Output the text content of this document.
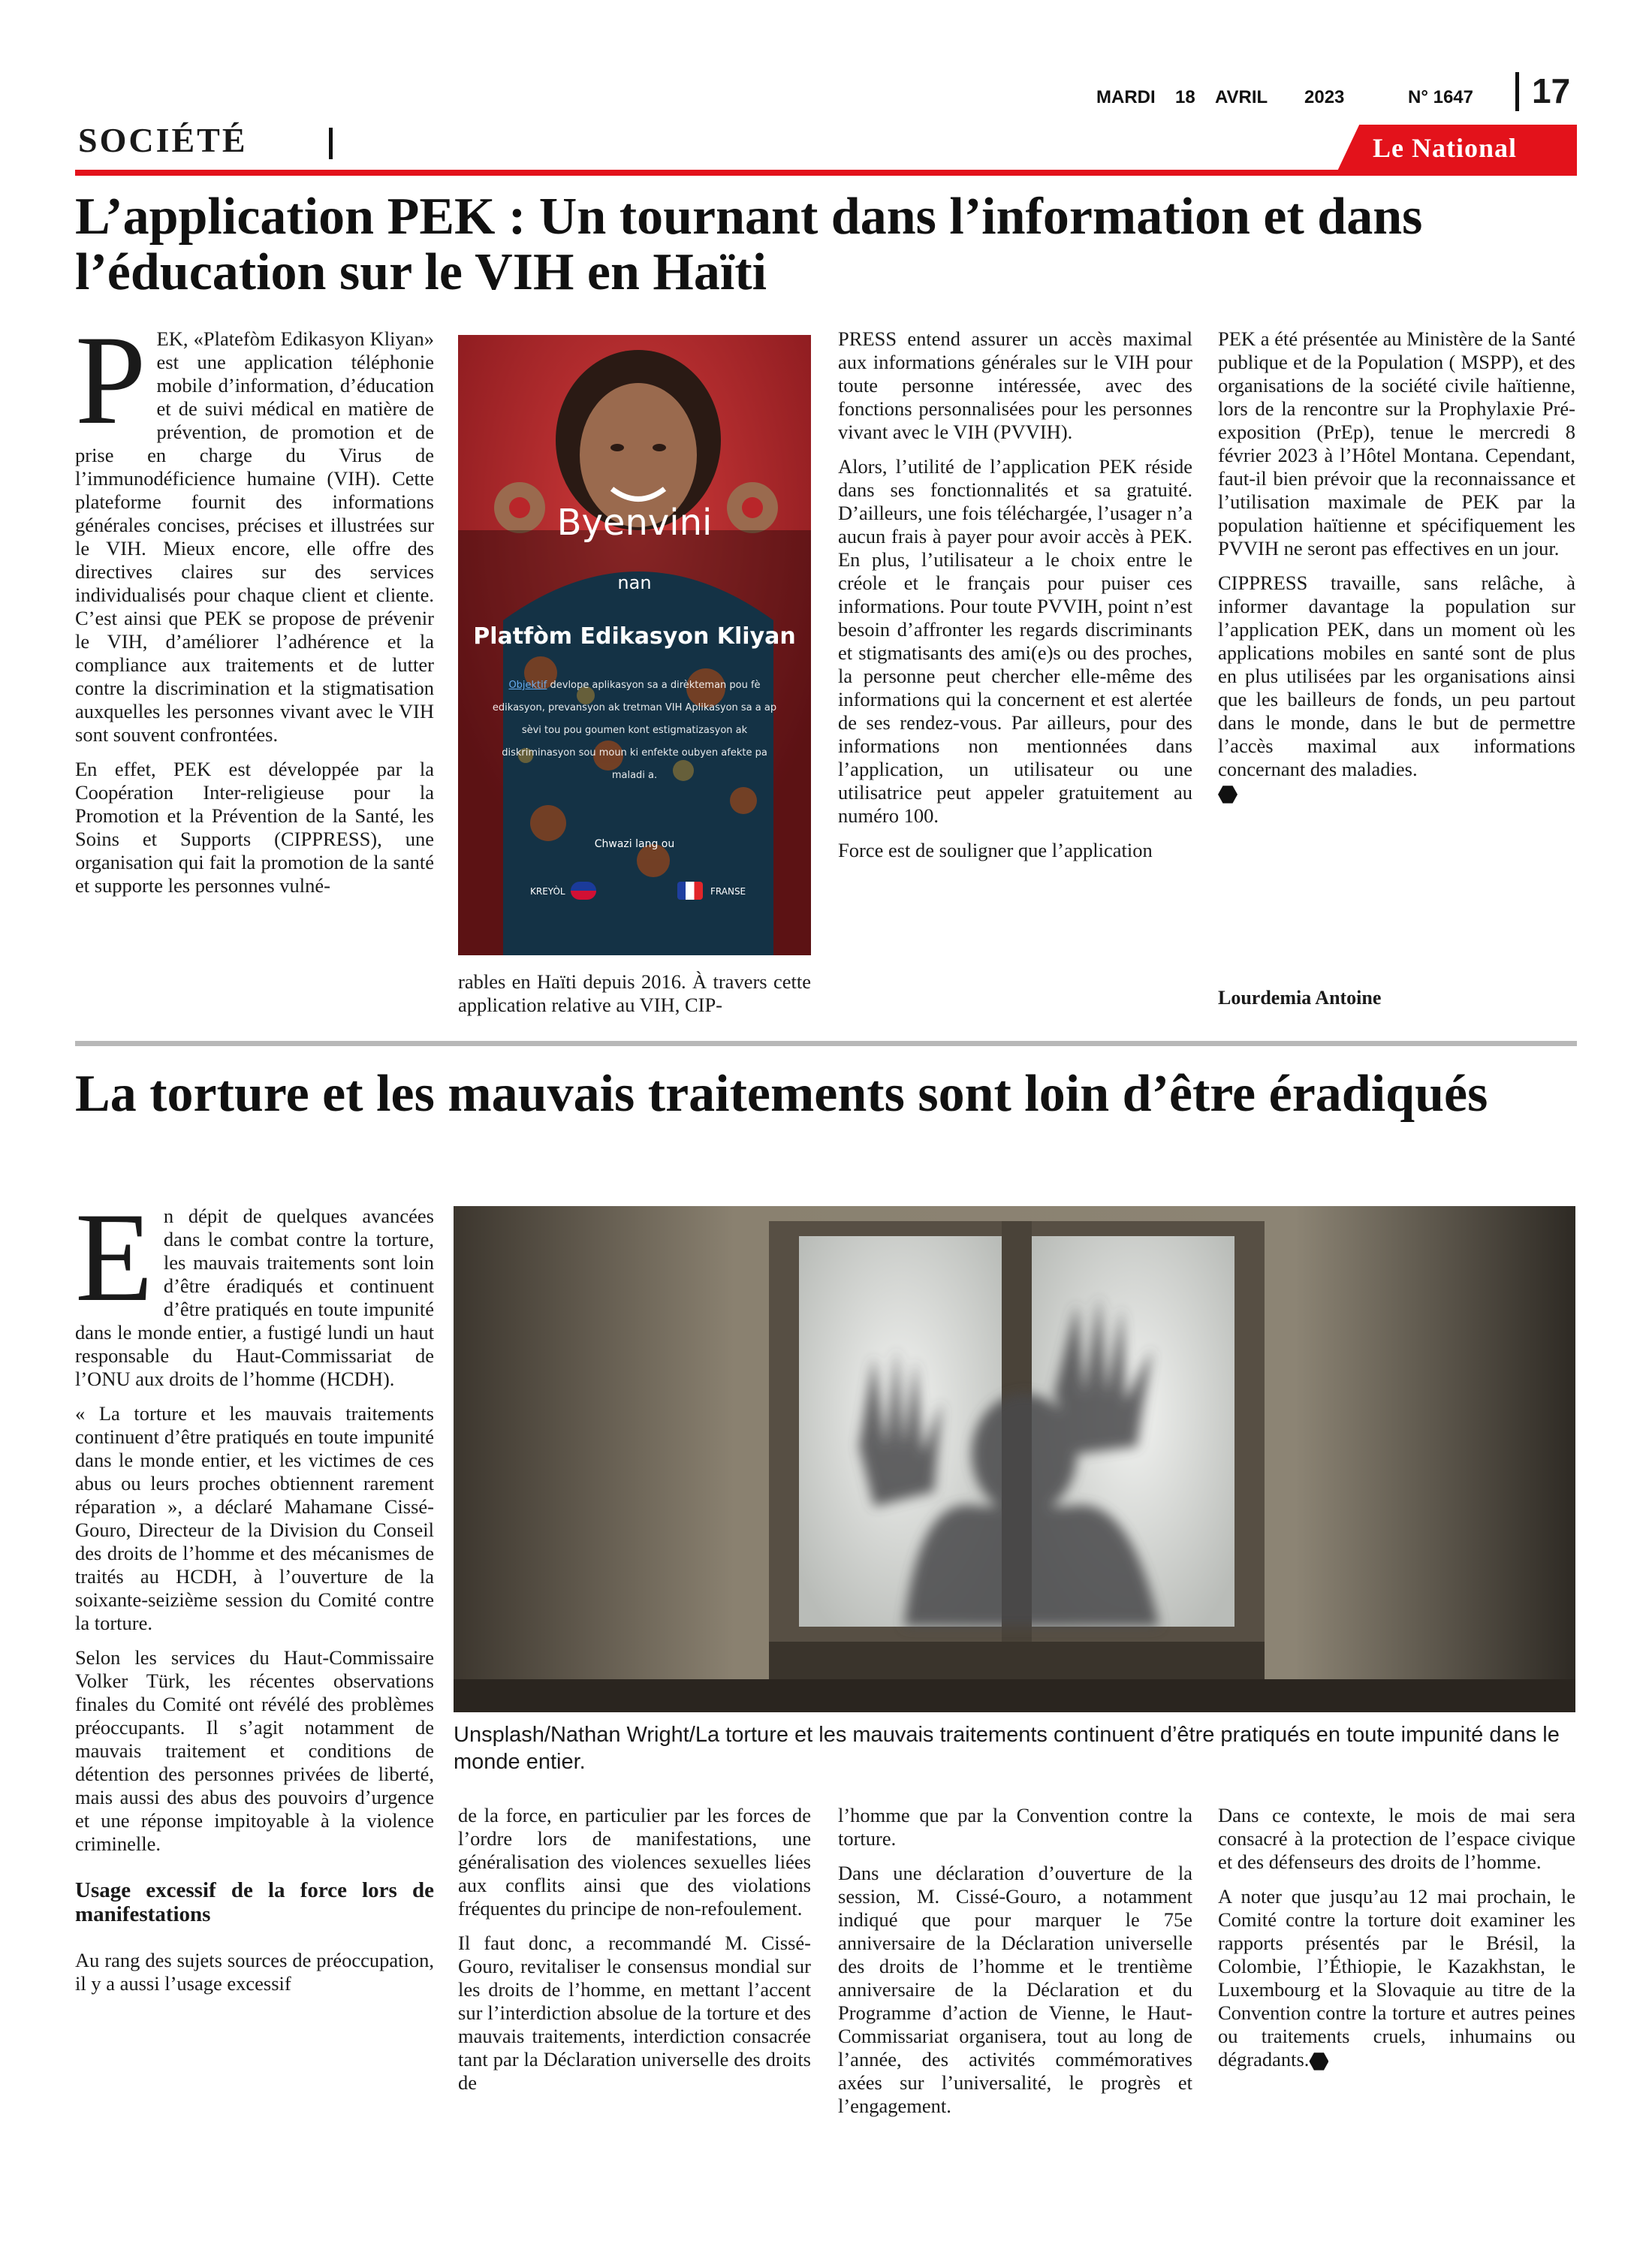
MARDI 18 AVRIL 2023	N° 1647 17
SOCIÉTÉ	Le National
L’application PEK : Un tournant dans l’information et dans l’éducation sur le VIH en Haïti

PEK, «Platefòm Edikasyon Kliyan» est une application téléphonie mobile d’information, d’éducation et de suivi médical en matière de prévention, de promotion et de prise en charge du Virus de l’immunodéficience humaine (VIH). Cette plateforme fournit des informations générales concises, précises et illustrées sur le VIH. Mieux encore, elle offre des directives claires sur des services individualisés pour chaque client et cliente. C’est ainsi que PEK se propose de prévenir le VIH, d’améliorer l’adhérence et la compliance aux traitements et de lutter contre la discrimination et la stigmatisation auxquelles les personnes vivant avec le VIH sont souvent confrontées.

En effet, PEK est développée par la Coopération Inter-religieuse pour la Promotion et la Prévention de la Santé, les Soins et Supports (CIPPRESS), une organisation qui fait la promotion de la santé et supporte les personnes vulné-

Byenvini
nan
Platfòm Edikasyon Kliyan
Objektif devlope aplikasyon sa a dirèkteman pou fè edikasyon, prevansyon ak tretman VIH Aplikasyon sa a ap sèvi tou pou goumen kont estigmatizasyon ak diskriminasyon sou moun ki enfekte oubyen afekte pa maladi a.
Chwazi lang ou
KREYÒL	FRANSE

rables en Haïti depuis 2016. À travers cette application relative au VIH, CIP-

PRESS entend assurer un accès maximal aux informations générales sur le VIH pour toute personne intéressée, avec des fonctions personnalisées pour les personnes vivant avec le VIH (PVVIH).

Alors, l’utilité de l’application PEK réside dans ses fonctionnalités et sa gratuité. D’ailleurs, une fois téléchargée, l’usager n’a aucun frais à payer pour avoir accès à PEK. En plus, l’utilisateur a le choix entre le créole et le français pour puiser ces informations. Pour toute PVVIH, point n’est besoin d’affronter les regards discriminants et stigmatisants des ami(e)s ou des proches, la personne peut chercher elle-même des informations qui la concernent et est alertée de ses rendez-vous. Par ailleurs, pour des informations non mentionnées dans l’application, un utilisateur ou une utilisatrice peut appeler gratuitement au numéro 100.

Force est de souligner que l’application

PEK a été présentée au Ministère de la Santé publique et de la Population ( MSPP), et des organisations de la société civile haïtienne, lors de la rencontre sur la Prophylaxie Pré-exposition (PrEp), tenue le mercredi 8 février 2023 à l’Hôtel Montana. Cependant, faut-il bien prévoir que la reconnaissance et l’utilisation maximale de PEK par la population haïtienne et spécifiquement les PVVIH ne seront pas effectives en un jour.

CIPPRESS travaille, sans relâche, à informer davantage la population sur l’application PEK, dans un moment où les applications mobiles en santé sont de plus en plus utilisées par les organisations ainsi que les bailleurs de fonds, un peu partout dans le monde, dans le but de permettre l’accès maximal aux informations concernant des maladies.

Lourdemia Antoine
La torture et les mauvais traitements sont loin d’être éradiqués

En dépit de quelques avancées dans le combat contre la torture, les mauvais traitements sont loin d’être éradiqués et continuent d’être pratiqués en toute impunité dans le monde entier, a fustigé lundi un haut responsable du Haut-Commissariat de l’ONU aux droits de l’homme (HCDH).

« La torture et les mauvais traitements continuent d’être pratiqués en toute impunité dans le monde entier, et les victimes de ces abus ou leurs proches obtiennent rarement réparation », a déclaré Mahamane Cissé-Gouro, Directeur de la Division du Conseil des droits de l’homme et des mécanismes de traités au HCDH, à l’ouverture de la soixante-seizième session du Comité contre la torture.

Selon les services du Haut-Commissaire Volker Türk, les récentes observations finales du Comité ont révélé des problèmes préoccupants. Il s’agit notamment de mauvais traitement et conditions de détention des personnes privées de liberté, mais aussi des abus des pouvoirs d’urgence et une réponse impitoyable à la violence criminelle.

Usage excessif de la force lors de manifestations

Au rang des sujets sources de préoccupation, il y a aussi l’usage excessif

Unsplash/Nathan Wright/La torture et les mauvais traitements continuent d’être pratiqués en toute impunité dans le monde entier.

de la force, en particulier par les forces de l’ordre lors de manifestations, une généralisation des violences sexuelles liées aux conflits ainsi que des violations fréquentes du principe de non-refoulement.

Il faut donc, a recommandé M. Cissé-Gouro, revitaliser le consensus mondial sur les droits de l’homme, en mettant l’accent sur l’interdiction absolue de la torture et des mauvais traitements, interdiction consacrée tant par la Déclaration universelle des droits de

l’homme que par la Convention contre la torture.

Dans une déclaration d’ouverture de la session, M. Cissé-Gouro, a notamment indiqué que pour marquer le 75e anniversaire de la Déclaration universelle des droits de l’homme et le trentième anniversaire de la Déclaration et du Programme d’action de Vienne, le Haut-Commissariat organisera, tout au long de l’année, des activités commémoratives axées sur l’universalité, le progrès et l’engagement.

Dans ce contexte, le mois de mai sera consacré à la protection de l’espace civique et des défenseurs des droits de l’homme.

A noter que jusqu’au 12 mai prochain, le Comité contre la torture doit examiner les rapports présentés par le Brésil, la Colombie, l’Éthiopie, le Kazakhstan, le Luxembourg et la Slovaquie au titre de la Convention contre la torture et autres peines ou traitements cruels, inhumains ou dégradants.
